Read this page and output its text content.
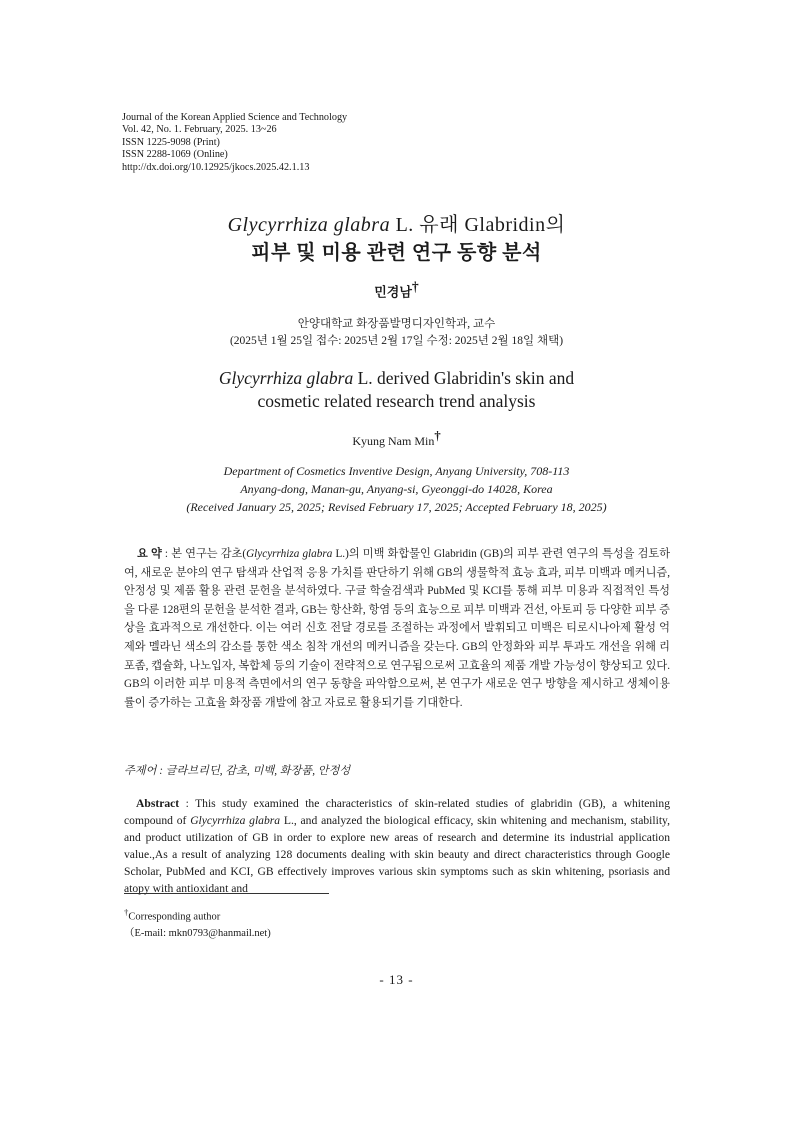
Journal of the Korean Applied Science and Technology
Vol. 42, No. 1. February, 2025. 13~26
ISSN 1225-9098 (Print)
ISSN 2288-1069 (Online)
http://dx.doi.org/10.12925/jkocs.2025.42.1.13
Glycyrrhiza glabra L. 유래 Glabridin의
피부 및 미용 관련 연구 동향 분석
민경남†
안양대학교 화장품발명디자인학과, 교수
(2025년 1월 25일 접수: 2025년 2월 17일 수정: 2025년 2월 18일 채택)
Glycyrrhiza glabra L. derived Glabridin's skin and
cosmetic related research trend analysis
Kyung Nam Min†
Department of Cosmetics Inventive Design, Anyang University, 708-113
Anyang-dong, Manan-gu, Anyang-si, Gyeonggi-do 14028, Korea
(Received January 25, 2025; Revised February 17, 2025; Accepted February 18, 2025)
요 약 : 본 연구는 감초(Glycyrrhiza glabra L.)의 미백 화합물인 Glabridin (GB)의 피부 관련 연구의 특성을 검토하여, 새로운 분야의 연구 탐색과 산업적 응용 가치를 판단하기 위해 GB의 생물학적 효능 효과, 피부 미백과 메커니즘, 안정성 및 제품 활용 관련 문헌을 분석하였다. 구글 학술검색과 PubMed 및 KCI를 통해 피부 미용과 직접적인 특성을 다룬 128편의 문헌을 분석한 결과, GB는 항산화, 항염 등의 효능으로 피부 미백과 건선, 아토피 등 다양한 피부 증상을 효과적으로 개선한다. 이는 여러 신호 전달 경로를 조절하는 과정에서 발휘되고 미백은 티로시나아제 활성 억제와 멜라닌 색소의 감소를 통한 색소 침착 개선의 메커니즘을 갖는다. GB의 안정화와 피부 투과도 개선을 위해 리포좀, 캡슐화, 나노입자, 복합체 등의 기술이 전략적으로 연구됨으로써 고효율의 제품 개발 가능성이 향상되고 있다. GB의 이러한 피부 미용적 측면에서의 연구 동향을 파악함으로써, 본 연구가 새로운 연구 방향을 제시하고 생체이용률이 증가하는 고효율 화장품 개발에 참고 자료로 활용되기를 기대한다.
주제어 : 글라브리딘, 감초, 미백, 화장품, 안정성
Abstract : This study examined the characteristics of skin-related studies of glabridin (GB), a whitening compound of Glycyrrhiza glabra L., and analyzed the biological efficacy, skin whitening and mechanism, stability, and product utilization of GB in order to explore new areas of research and determine its industrial application value.,As a result of analyzing 128 documents dealing with skin beauty and direct characteristics through Google Scholar, PubMed and KCI, GB effectively improves various skin symptoms such as skin whitening, psoriasis and atopy with antioxidant and
†Corresponding author
（E-mail: mkn0793@hanmail.net)
- 13 -
